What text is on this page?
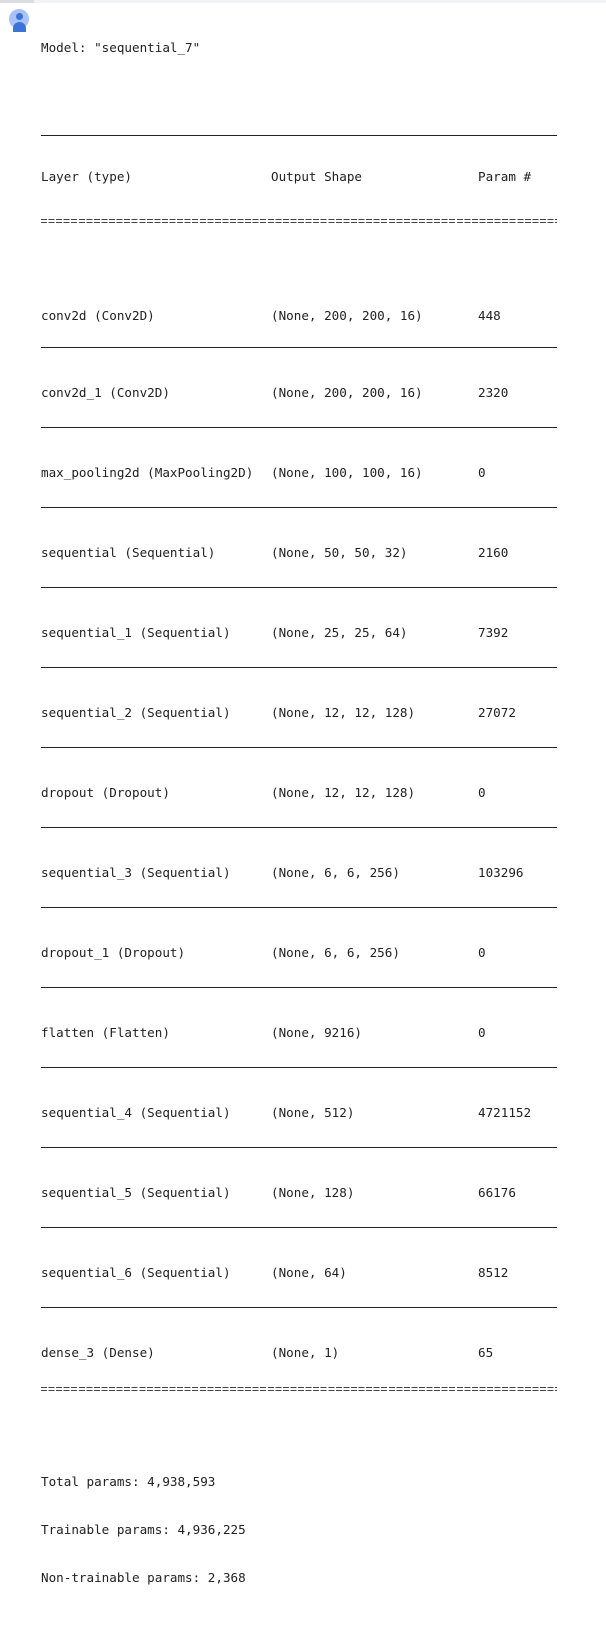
Model: "sequential_7"

Layer (type)	Output Shape	Param #

conv2d (Conv2D)	(None, 200, 200, 16)	448

conv2d_1 (Conv2D)	(None, 200, 200, 16)	2320

max_pooling2d (MaxPooling2D)	(None, 100, 100, 16)	0

sequential (Sequential)	(None, 50, 50, 32)	2160

sequential_1 (Sequential)	(None, 25, 25, 64)	7392

sequential_2 (Sequential)	(None, 12, 12, 128)	27072

dropout (Dropout)	(None, 12, 12, 128)	0

sequential_3 (Sequential)	(None, 6, 6, 256)	103296

dropout_1 (Dropout)	(None, 6, 6, 256)	0

flatten (Flatten)	(None, 9216)	0

sequential_4 (Sequential)	(None, 512)	4721152

sequential_5 (Sequential)	(None, 128)	66176

sequential_6 (Sequential)	(None, 64)	8512

dense_3 (Dense)	(None, 1)	65

Total params: 4,938,593

Trainable params: 4,936,225

Non-trainable params: 2,368
